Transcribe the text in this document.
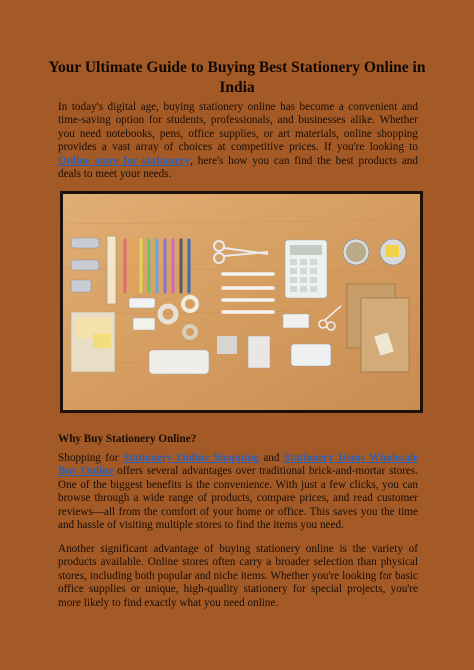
Your Ultimate Guide to Buying Best Stationery Online in India
In today's digital age, buying stationery online has become a convenient and time-saving option for students, professionals, and businesses alike. Whether you need notebooks, pens, office supplies, or art materials, online shopping provides a vast array of choices at competitive prices. If you're looking to Online store for stationery, here's how you can find the best products and deals to meet your needs.
Why Buy Stationery Online?
Shopping for Stationery Online Shopping and Stationery Items Wholesale Buy Online offers several advantages over traditional brick-and-mortar stores. One of the biggest benefits is the convenience. With just a few clicks, you can browse through a wide range of products, compare prices, and read customer reviews—all from the comfort of your home or office. This saves you the time and hassle of visiting multiple stores to find the items you need.
Another significant advantage of buying stationery online is the variety of products available. Online stores often carry a broader selection than physical stores, including both popular and niche items. Whether you're looking for basic office supplies or unique, high-quality stationery for special projects, you're more likely to find exactly what you need online.
